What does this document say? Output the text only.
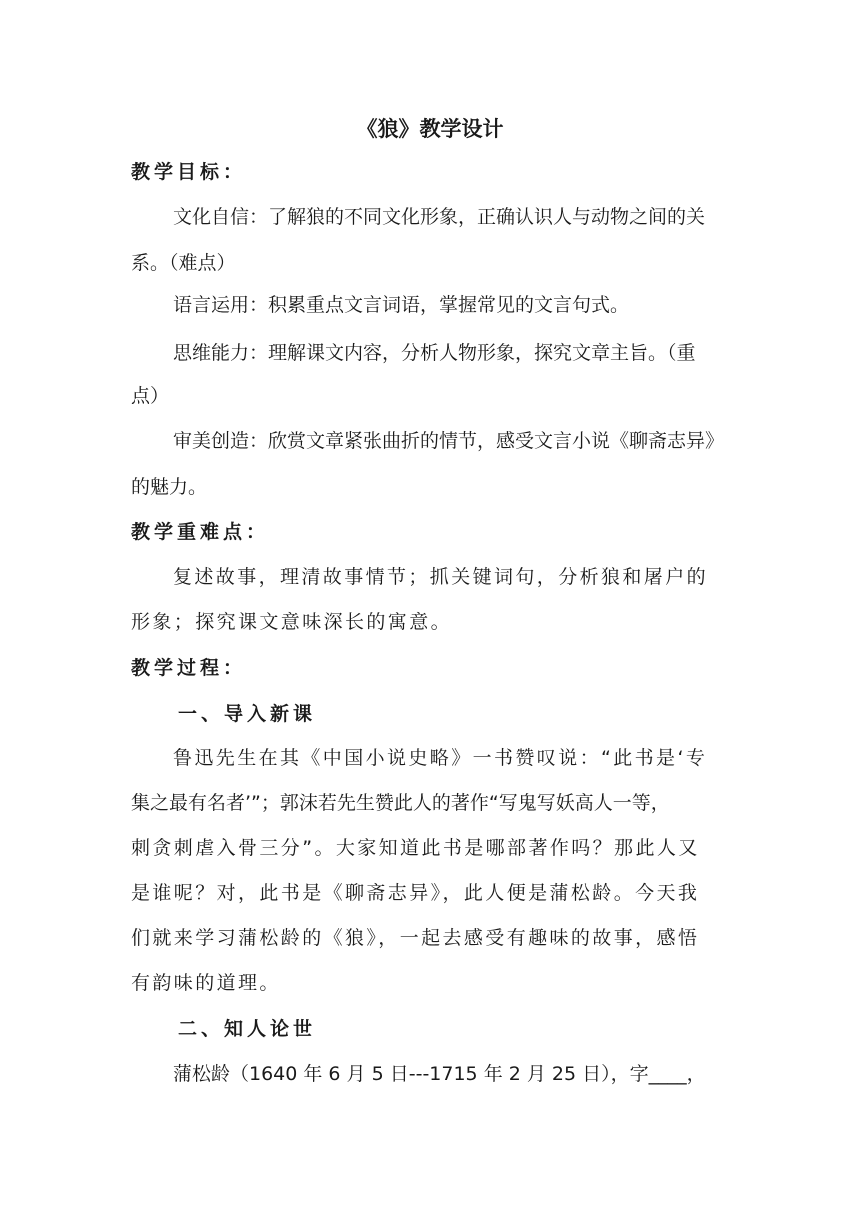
《狼》教学设计
教学目标：
文化自信：了解狼的不同文化形象，正确认识人与动物之间的关
系。（难点）
语言运用：积累重点文言词语，掌握常见的文言句式。
思维能力：理解课文内容，分析人物形象，探究文章主旨。（重
点）
审美创造：欣赏文章紧张曲折的情节，感受文言小说《聊斋志异》
的魅力。
教学重难点：
复述故事，理清故事情节；抓关键词句，分析狼和屠户的
形象；探究课文意味深长的寓意。
教学过程：
一、导入新课
鲁迅先生在其《中国小说史略》一书赞叹说：“此书是‘专
集之最有名者’”；郭沫若先生赞此人的著作“写鬼写妖高人一等，
刺贪刺虐入骨三分”。大家知道此书是哪部著作吗？那此人又
是谁呢？对，此书是《聊斋志异》，此人便是蒲松龄。今天我
们就来学习蒲松龄的《狼》，一起去感受有趣味的故事，感悟
有韵味的道理。
二、知人论世
蒲松龄（1640 年 6 月 5 日---1715 年 2 月 25 日），字____，
